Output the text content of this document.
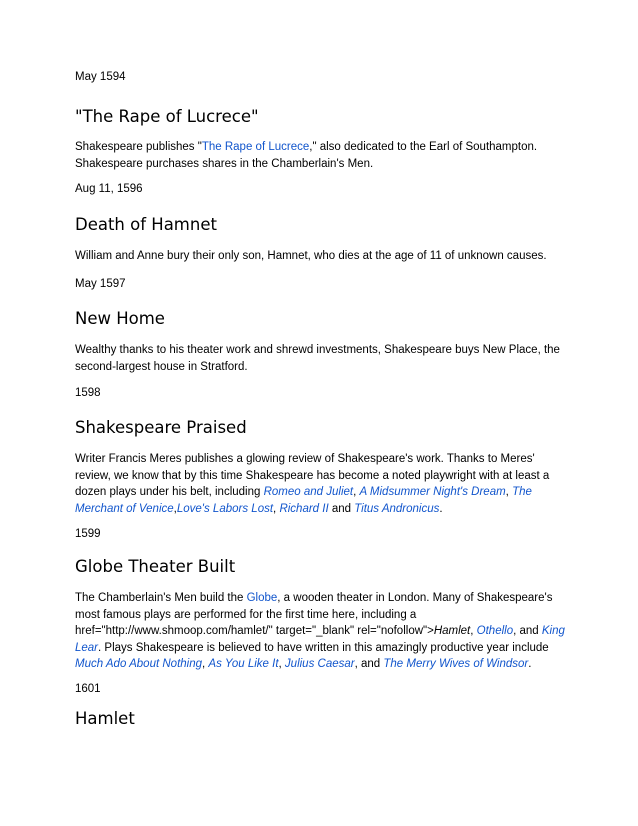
May 1594
"The Rape of Lucrece"

Shakespeare publishes "The Rape of Lucrece," also dedicated to the Earl of Southampton.
Shakespeare purchases shares in the Chamberlain's Men.

Aug 11, 1596
Death of Hamnet

William and Anne bury their only son, Hamnet, who dies at the age of 11 of unknown causes.

May 1597
New Home

Wealthy thanks to his theater work and shrewd investments, Shakespeare buys New Place, the second-largest house in Stratford.

1598
Shakespeare Praised

Writer Francis Meres publishes a glowing review of Shakespeare's work. Thanks to Meres' review, we know that by this time Shakespeare has become a noted playwright with at least a dozen plays under his belt, including Romeo and Juliet, A Midsummer Night's Dream, The Merchant of Venice,Love's Labors Lost, Richard II and Titus Andronicus.

1599
Globe Theater Built

The Chamberlain's Men build the Globe, a wooden theater in London. Many of Shakespeare's most famous plays are performed for the first time here, including a href="http://www.shmoop.com/hamlet/" target="_blank" rel="nofollow">Hamlet, Othello, and King Lear. Plays Shakespeare is believed to have written in this amazingly productive year include Much Ado About Nothing, As You Like It, Julius Caesar, and The Merry Wives of Windsor.

1601
Hamlet
